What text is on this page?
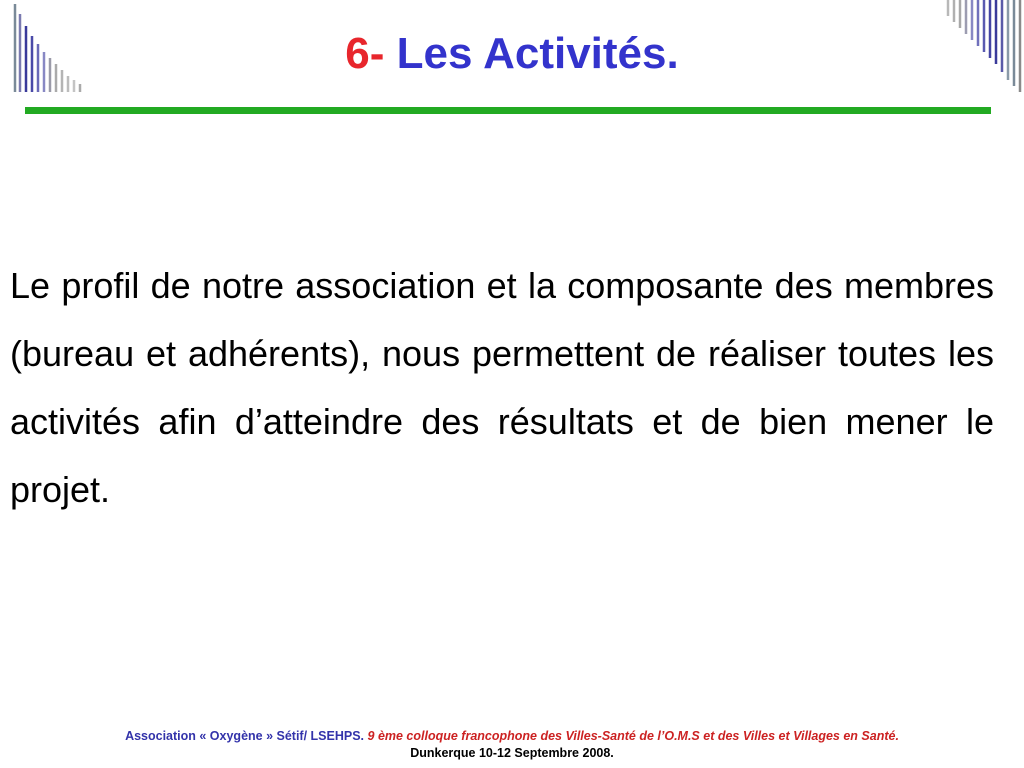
6- Les Activités.

Le profil de notre association et la composante des membres (bureau et adhérents), nous permettent de réaliser toutes les activités afin d’atteindre des résultats et de bien mener le projet.

Association « Oxygène » Sétif/ LSEHPS. 9 ème colloque francophone des Villes-Santé de l’O.M.S et des Villes et Villages en Santé.
Dunkerque 10-12 Septembre 2008.
